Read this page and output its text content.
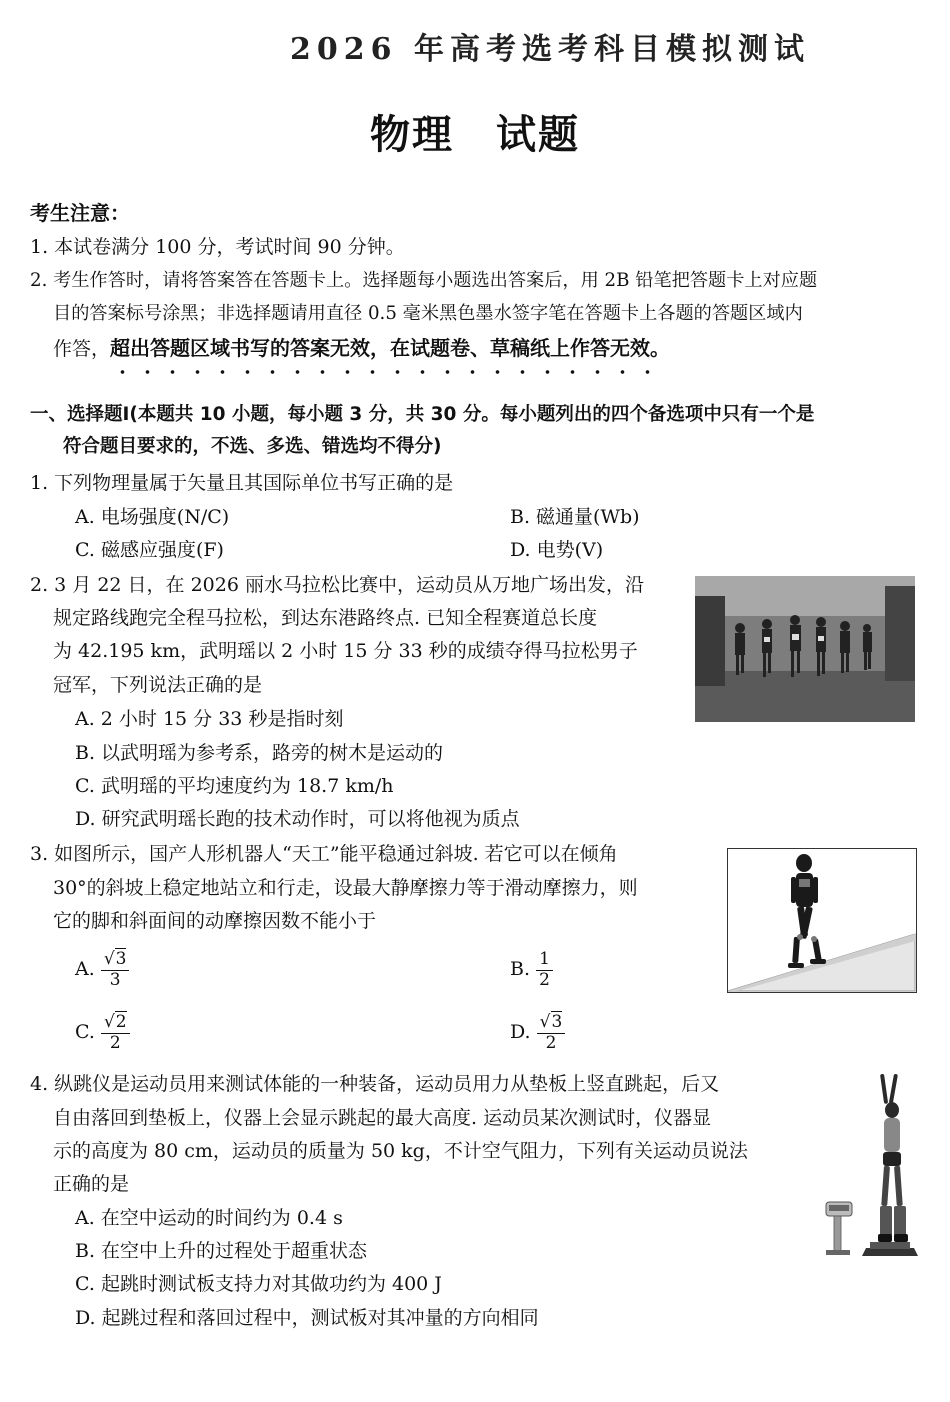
2026 年高考选考科目模拟测试
物理　试题
考生注意：
1. 本试卷满分 100 分，考试时间 90 分钟。
2. 考生作答时，请将答案答在答题卡上。选择题每小题选出答案后，用 2B 铅笔把答题卡上对应题
目的答案标号涂黑；非选择题请用直径 0.5 毫米黑色墨水签字笔在答题卡上各题的答题区域内
作答，超出答题区域书写的答案无效，在试题卷、草稿纸上作答无效。
一、选择题Ⅰ(本题共 10 小题，每小题 3 分，共 30 分。每小题列出的四个备选项中只有一个是
符合题目要求的，不选、多选、错选均不得分)
1. 下列物理量属于矢量且其国际单位书写正确的是
A. 电场强度(N/C)	B. 磁通量(Wb)
C. 磁感应强度(F)	D. 电势(V)
2. 3 月 22 日，在 2026 丽水马拉松比赛中，运动员从万地广场出发，沿
规定路线跑完全程马拉松，到达东港路终点. 已知全程赛道总长度
为 42.195 km，武明瑶以 2 小时 15 分 33 秒的成绩夺得马拉松男子
冠军，下列说法正确的是
A. 2 小时 15 分 33 秒是指时刻
B. 以武明瑶为参考系，路旁的树木是运动的
C. 武明瑶的平均速度约为 18.7 km/h
D. 研究武明瑶长跑的技术动作时，可以将他视为质点
3. 如图所示，国产人形机器人“天工”能平稳通过斜坡. 若它可以在倾角
30°的斜坡上稳定地站立和行走，设最大静摩擦力等于滑动摩擦力，则
它的脚和斜面间的动摩擦因数不能小于
A. $\frac{√3}{3}$	B. $\frac{1}{2}$
C. $\frac{√2}{2}$	D. $\frac{√3}{2}$
4. 纵跳仪是运动员用来测试体能的一种装备，运动员用力从垫板上竖直跳起，后又
自由落回到垫板上，仪器上会显示跳起的最大高度. 运动员某次测试时，仪器显
示的高度为 80 cm，运动员的质量为 50 kg，不计空气阻力，下列有关运动员说法
正确的是
A. 在空中运动的时间约为 0.4 s
B. 在空中上升的过程处于超重状态
C. 起跳时测试板支持力对其做功约为 400 J
D. 起跳过程和落回过程中，测试板对其冲量的方向相同
